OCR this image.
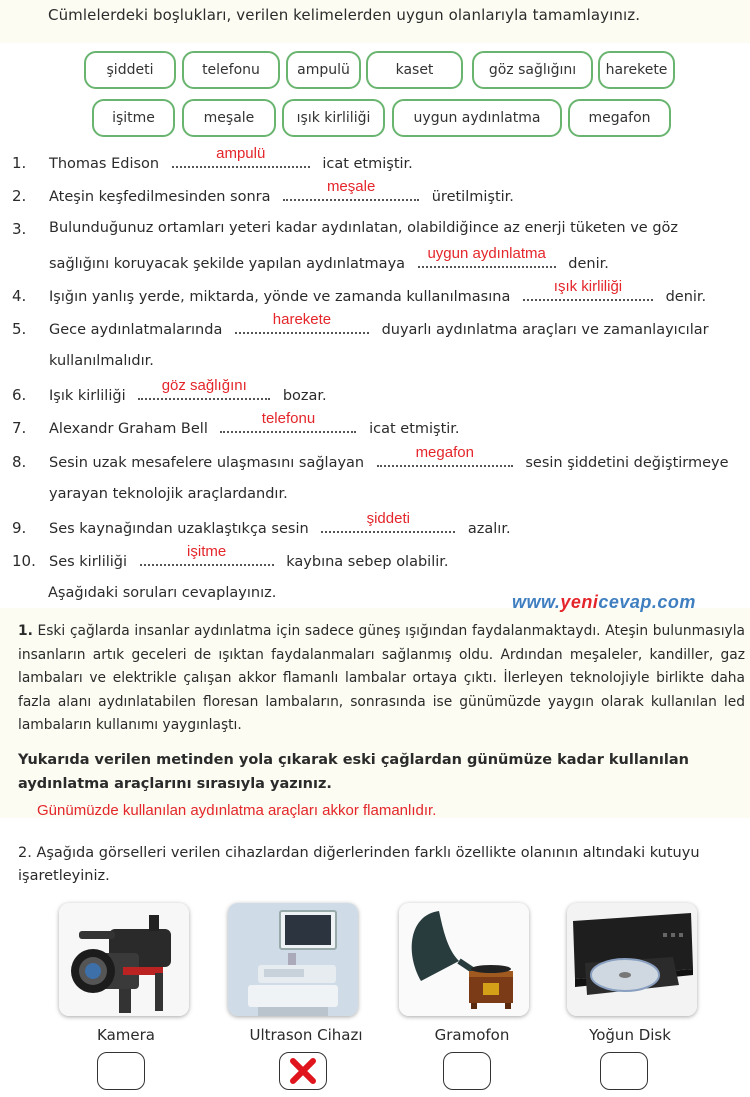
Cümlelerdeki boşlukları, verilen kelimelerden uygun olanlarıyla tamamlayınız.
şiddeti	telefonu	ampulü	kaset	göz sağlığını	harekete
işitme	meşale	ışık kirliliği	uygun aydınlatma	megafon
1. Thomas Edison
ampulü
icat etmiştir.
2. Ateşin keşfedilmesinden sonra
meşale
üretilmiştir.
3. Bulunduğunuz ortamları yeteri kadar aydınlatan, olabildiğince az enerji tüketen ve göz
sağlığını koruyacak şekilde yapılan aydınlatmaya
uygun aydınlatma
denir.
4. Işığın yanlış yerde, miktarda, yönde ve zamanda kullanılmasına
ışık kirliliği
denir.
5. Gece aydınlatmalarında
harekete
duyarlı aydınlatma araçları ve zamanlayıcılar
kullanılmalıdır.
6. Işık kirliliği
göz sağlığını
bozar.
7. Alexandr Graham Bell
telefonu
icat etmiştir.
8. Sesin uzak mesafelere ulaşmasını sağlayan
megafon
sesin şiddetini değiştirmeye
yarayan teknolojik araçlardandır.
9. Ses kaynağından uzaklaştıkça sesin
şiddeti
azalır.
10. Ses kirliliği
işitme
kaybına sebep olabilir.
Aşağıdaki soruları cevaplayınız.	www.yenicevap.com
1. Eski çağlarda insanlar aydınlatma için sadece güneş ışığından faydalanmaktaydı. Ateşin bulunmasıyla insanların artık geceleri de ışıktan faydalanmaları sağlanmış oldu. Ardından meşaleler, kandiller, gaz lambaları ve elektrikle çalışan akkor flamanlı lambalar ortaya çıktı. İlerleyen teknolojiyle birlikte daha fazla alanı aydınlatabilen floresan lambaların, sonrasında ise günümüzde yaygın olarak kullanılan led lambaların kullanımı yaygınlaştı.
Yukarıda verilen metinden yola çıkarak eski çağlardan günümüze kadar kullanılan aydınlatma araçlarını sırasıyla yazınız.
Günümüzde kullanılan aydınlatma araçları akkor flamanlıdır.
2. Aşağıda görselleri verilen cihazlardan diğerlerinden farklı özellikte olanının altındaki kutuyu işaretleyiniz.
Kamera	Ultrason Cihazı	Gramofon	Yoğun Disk
